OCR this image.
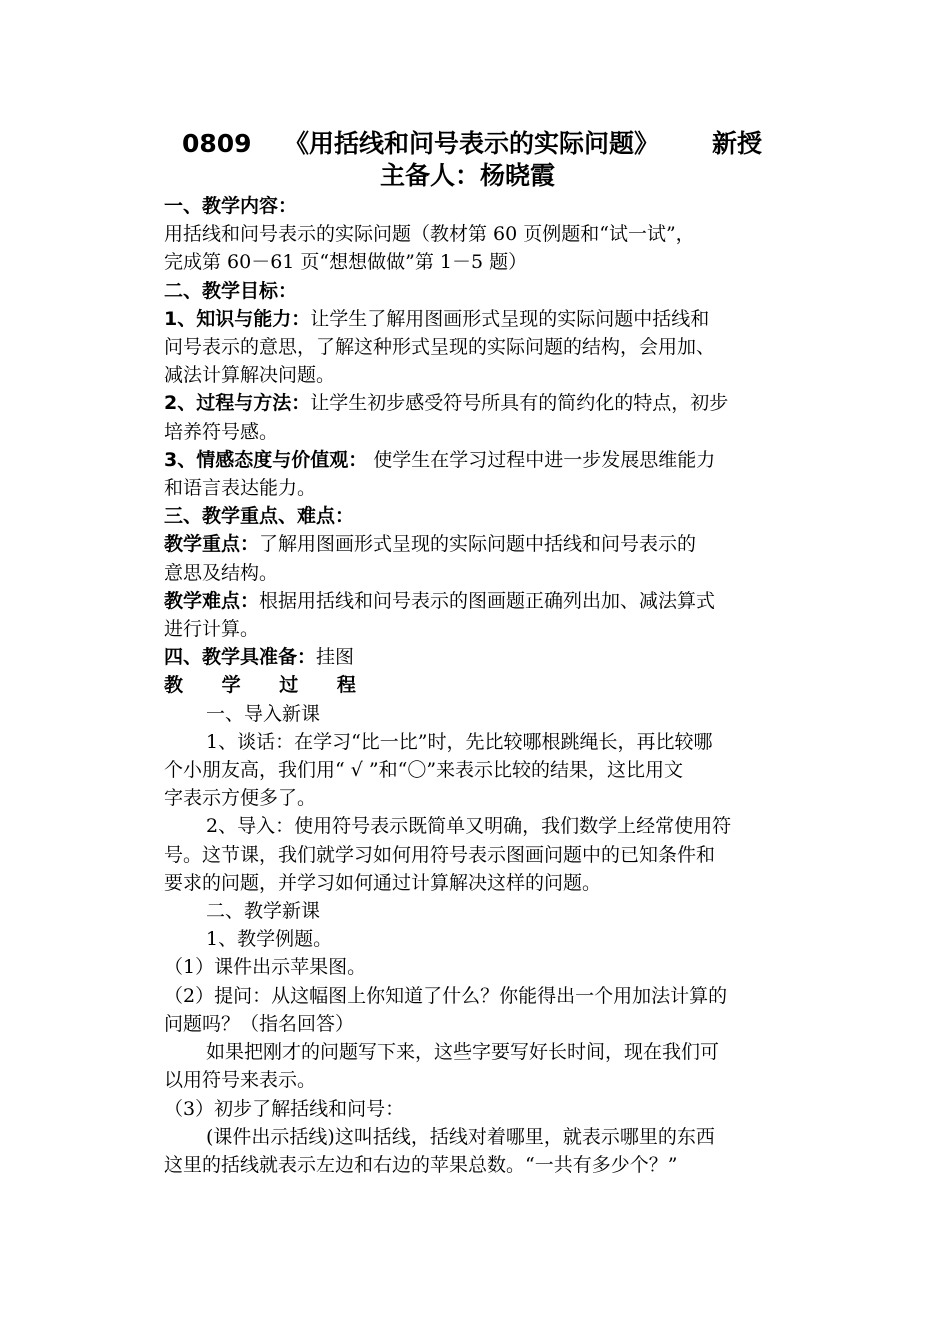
0809 《用括线和问号表示的实际问题》 新授
主备人：杨晓霞
一、教学内容：
用括线和问号表示的实际问题（教材第 60 页例题和“试一试”，
完成第 60－61 页“想想做做”第 1－5 题）
二、教学目标：
1、知识与能力：让学生了解用图画形式呈现的实际问题中括线和
问号表示的意思，了解这种形式呈现的实际问题的结构，会用加、
减法计算解决问题。
2、过程与方法：让学生初步感受符号所具有的简约化的特点，初步
培养符号感。
3、情感态度与价值观： 使学生在学习过程中进一步发展思维能力
和语言表达能力。
三、教学重点、难点：
教学重点：了解用图画形式呈现的实际问题中括线和问号表示的
意思及结构。
教学难点：根据用括线和问号表示的图画题正确列出加、减法算式
进行计算。
四、教学具准备：挂图
教 学 过 程
一、导入新课
1、谈话：在学习“比一比”时，先比较哪根跳绳长，再比较哪
个小朋友高，我们用“ √ ”和“〇”来表示比较的结果，这比用文
字表示方便多了。
2、导入：使用符号表示既简单又明确，我们数学上经常使用符
号。这节课，我们就学习如何用符号表示图画问题中的已知条件和
要求的问题，并学习如何通过计算解决这样的问题。
二、教学新课
1、教学例题。
（1）课件出示苹果图。
（2）提问：从这幅图上你知道了什么？你能得出一个用加法计算的
问题吗？（指名回答）
如果把刚才的问题写下来，这些字要写好长时间，现在我们可
以用符号来表示。
（3）初步了解括线和问号：
(课件出示括线)这叫括线，括线对着哪里，就表示哪里的东西
这里的括线就表示左边和右边的苹果总数。“一共有多少个？”
